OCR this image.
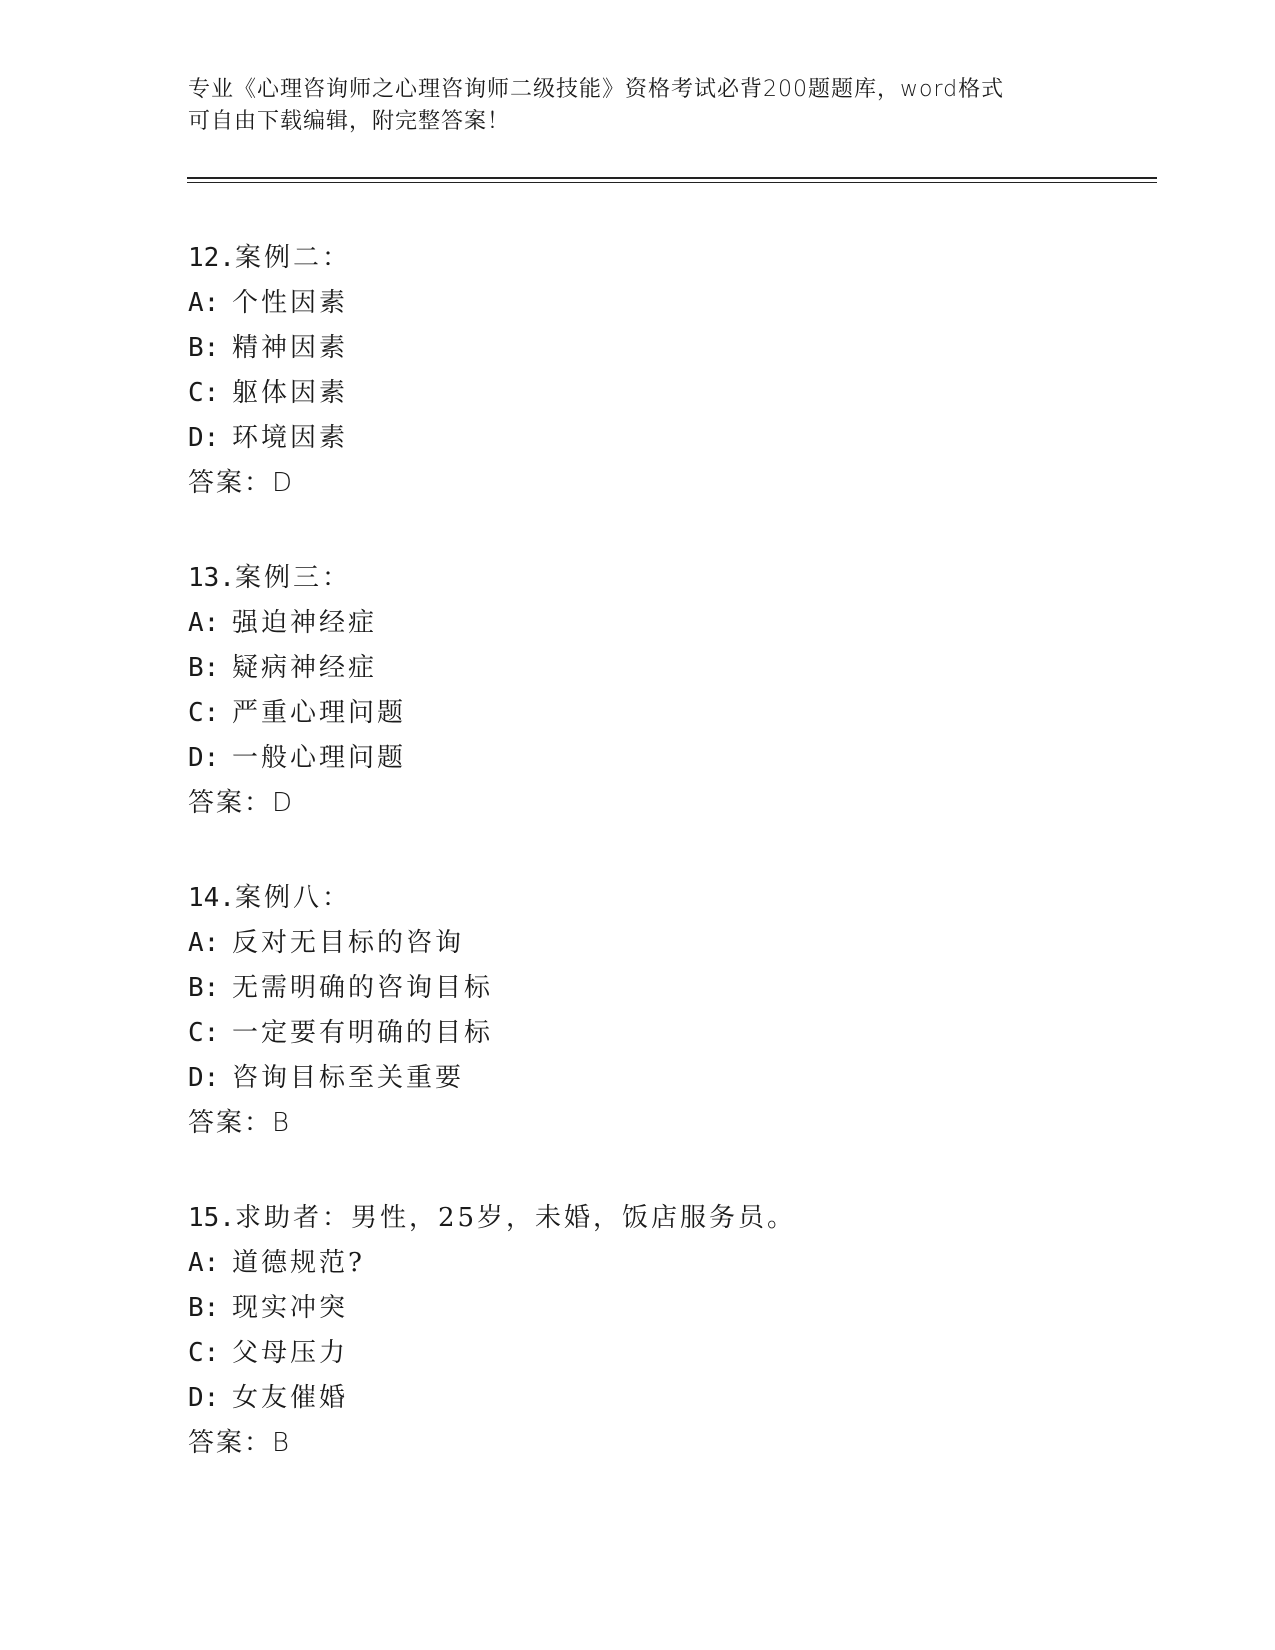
专业《心理咨询师之心理咨询师二级技能》资格考试必背200题题库，word格式
可自由下载编辑，附完整答案！
12.案例二：
A: 个性因素
B: 精神因素
C: 躯体因素
D: 环境因素
答案：D
13.案例三：
A: 强迫神经症
B: 疑病神经症
C: 严重心理问题
D: 一般心理问题
答案：D
14.案例八：
A: 反对无目标的咨询
B: 无需明确的咨询目标
C: 一定要有明确的目标
D: 咨询目标至关重要
答案：B
15.求助者：男性，25岁，未婚，饭店服务员。
A: 道德规范?
B: 现实冲突
C: 父母压力
D: 女友催婚
答案：B
